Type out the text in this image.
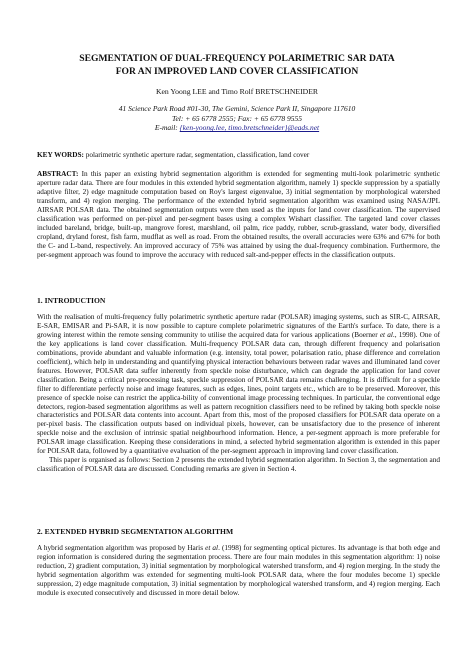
SEGMENTATION OF DUAL-FREQUENCY POLARIMETRIC SAR DATA
FOR AN IMPROVED LAND COVER CLASSIFICATION
Ken Yoong LEE and Timo Rolf BRETSCHNEIDER
41 Science Park Road #01-30, The Gemini, Science Park II, Singapore 117610
Tel: + 65 6778 2555; Fax: + 65 6778 9555
E-mail: {ken-yoong.lee, timo.bretschneider}@eads.net

KEY WORDS: polarimetric synthetic aperture radar, segmentation, classification, land cover

ABSTRACT: In this paper an existing hybrid segmentation algorithm is extended for segmenting multi-look polarimetric synthetic aperture radar data. There are four modules in this extended hybrid segmentation algorithm, namely 1) speckle suppression by a spatially adaptive filter, 2) edge magnitude computation based on Roy's largest eigenvalue, 3) initial segmentation by morphological watershed transform, and 4) region merging. The performance of the extended hybrid segmentation algorithm was examined using NASA/JPL AIRSAR POLSAR data. The obtained segmentation outputs were then used as the inputs for land cover classification. The supervised classification was performed on per-pixel and per-segment bases using a complex Wishart classifier. The targeted land cover classes included bareland, bridge, built-up, mangrove forest, marshland, oil palm, rice paddy, rubber, scrub-grassland, water body, diversified cropland, dryland forest, fish farm, mudflat as well as road. From the obtained results, the overall accuracies were 63% and 67% for both the C- and L-band, respectively. An improved accuracy of 75% was attained by using the dual-frequency combination. Furthermore, the per-segment approach was found to improve the accuracy with reduced salt-and-pepper effects in the classification outputs.

1. INTRODUCTION

With the realisation of multi-frequency fully polarimetric synthetic aperture radar (POLSAR) imaging systems, such as SIR-C, AIRSAR, E-SAR, EMISAR and Pi-SAR, it is now possible to capture complete polarimetric signatures of the Earth's surface. To date, there is a growing interest within the remote sensing community to utilise the acquired data for various applications (Boerner et al., 1998). One of the key applications is land cover classification. Multi-frequency POLSAR data can, through different frequency and polarisation combinations, provide abundant and valuable information (e.g. intensity, total power, polarisation ratio, phase difference and correlation coefficient), which help in understanding and quantifying physical interaction behaviours between radar waves and illuminated land cover features. However, POLSAR data suffer inherently from speckle noise disturbance, which can degrade the application for land cover classification. Being a critical pre-processing task, speckle suppression of POLSAR data remains challenging. It is difficult for a speckle filter to differentiate perfectly noise and image features, such as edges, lines, point targets etc., which are to be preserved. Moreover, this presence of speckle noise can restrict the applica-bility of conventional image processing techniques. In particular, the conventional edge detectors, region-based segmentation algorithms as well as pattern recognition classifiers need to be refined by taking both speckle noise characteristics and POLSAR data contents into account. Apart from this, most of the proposed classifiers for POLSAR data operate on a per-pixel basis. The classification outputs based on individual pixels, however, can be unsatisfactory due to the presence of inherent speckle noise and the exclusion of intrinsic spatial neighbourhood information. Hence, a per-segment approach is more preferable for POLSAR image classification. Keeping these considerations in mind, a selected hybrid segmentation algorithm is extended in this paper for POLSAR data, followed by a quantitative evaluation of the per-segment approach in improving land cover classification.

This paper is organised as follows: Section 2 presents the extended hybrid segmentation algorithm. In Section 3, the segmentation and classification of POLSAR data are discussed. Concluding remarks are given in Section 4.

2. EXTENDED HYBRID SEGMENTATION ALGORITHM

A hybrid segmentation algorithm was proposed by Haris et al. (1998) for segmenting optical pictures. Its advantage is that both edge and region information is considered during the segmentation process. There are four main modules in this segmentation algorithm: 1) noise reduction, 2) gradient computation, 3) initial segmentation by morphological watershed transform, and 4) region merging. In the study the hybrid segmentation algorithm was extended for segmenting multi-look POLSAR data, where the four modules become 1) speckle suppression, 2) edge magnitude computation, 3) initial segmentation by morphological watershed transform, and 4) region merging. Each module is executed consecutively and discussed in more detail below.
